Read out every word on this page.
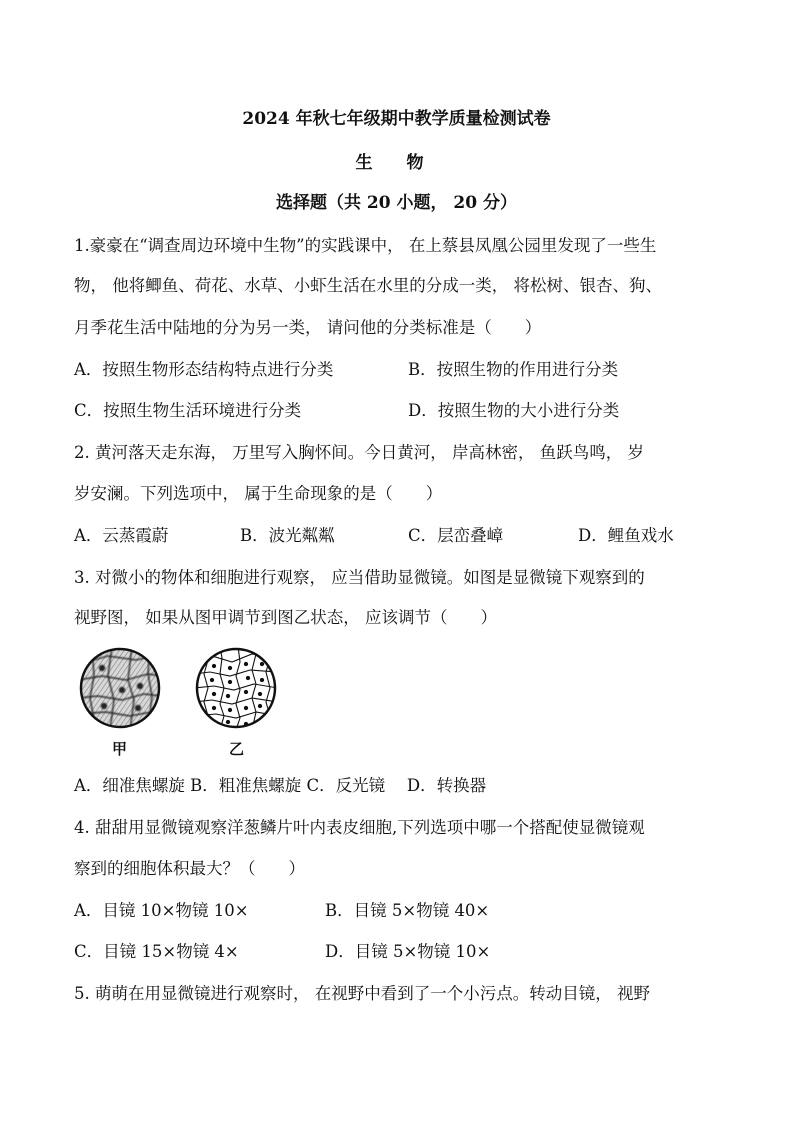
2024 年秋七年级期中教学质量检测试卷
生 物
选择题（共 20 小题， 20 分）
1.豪豪在“调查周边环境中生物”的实践课中， 在上蔡县凤凰公园里发现了一些生
物， 他将鲫鱼、荷花、水草、小虾生活在水里的分成一类， 将松树、银杏、狗、
月季花生活中陆地的分为另一类， 请问他的分类标准是（　　）
A．按照生物形态结构特点进行分类	B．按照生物的作用进行分类
C．按照生物生活环境进行分类	D．按照生物的大小进行分类
2. 黄河落天走东海， 万里写入胸怀间。今日黄河， 岸高林密， 鱼跃鸟鸣， 岁
岁安澜。下列选项中， 属于生命现象的是（　　）
A．云蒸霞蔚	B．波光粼粼	C．层峦叠嶂	D．鲤鱼戏水
3. 对微小的物体和细胞进行观察， 应当借助显微镜。如图是显微镜下观察到的
视野图， 如果从图甲调节到图乙状态， 应该调节（　　）
甲	乙
A．细准焦螺旋 B．粗准焦螺旋 C．反光镜　 D．转换器
4. 甜甜用显微镜观察洋葱鳞片叶内表皮细胞,下列选项中哪一个搭配使显微镜观
察到的细胞体积最大？（　　）
A．目镜 10×物镜 10×	B．目镜 5×物镜 40×
C．目镜 15×物镜 4×	D．目镜 5×物镜 10×
5. 萌萌在用显微镜进行观察时， 在视野中看到了一个小污点。转动目镜， 视野
